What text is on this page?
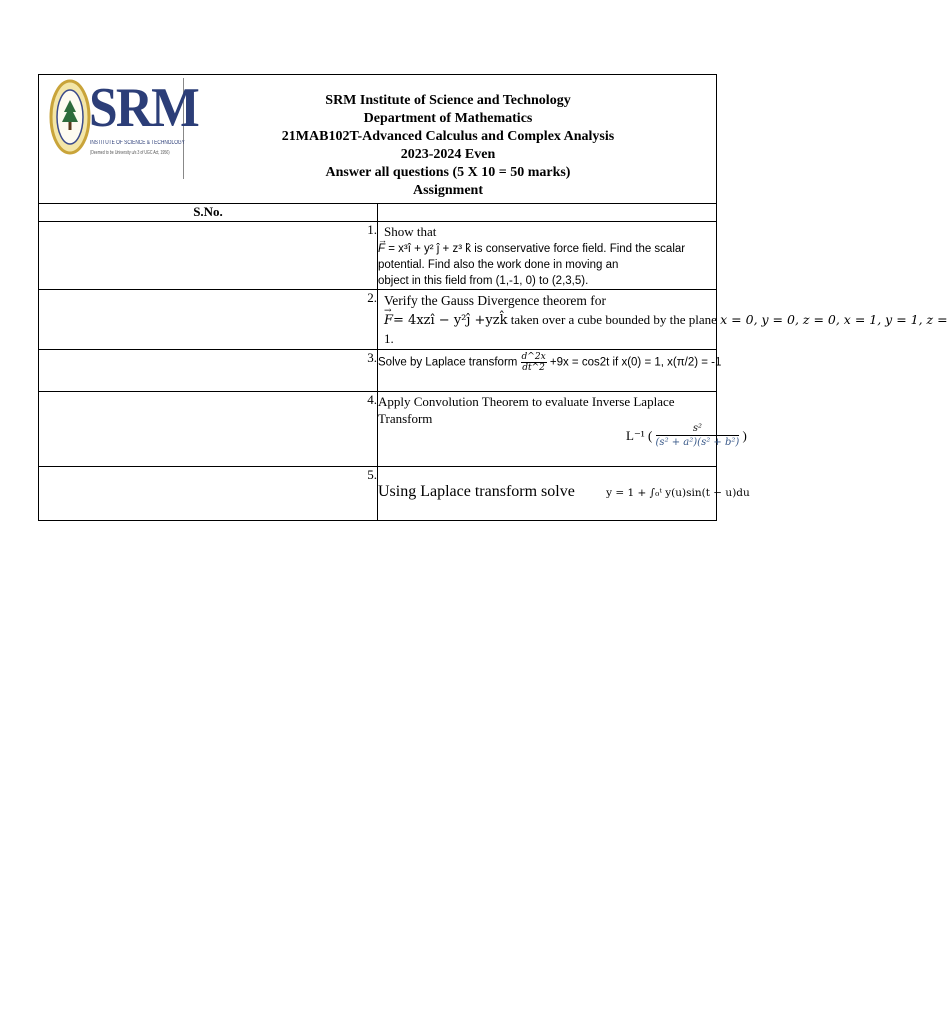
SRM
INSTITUTE OF SCIENCE & TECHNOLOGY
(Deemed to be University u/s 3 of UGC Act, 1956)
SRM Institute of Science and Technology
Department of Mathematics
21MAB102T-Advanced Calculus and Complex Analysis
2023-2024 Even
Answer all questions (5 X 10 = 50 marks)
Assignment

S.No.	
1.	Show that
→ F = x³î + y² ĵ + z³ k̂ is conservative force field. Find the scalar potential. Find also the work done in moving an
object in this field from (1,-1, 0) to (2,3,5).

2.	Verify the Gauss Divergence theorem for
→ F= 4xzî − y²ĵ +yzk̂ taken over a cube bounded by the plane x = 0, y = 0, z = 0, x = 1, y = 1, z =
1.

3.	Solve by Laplace transform $\frac{d\^{}2x}{dt\^{}2} +9x = \cos 2t$ if x(0) = 1, x(π/2) = -1

4.	Apply Convolution Theorem to evaluate Inverse Laplace Transform
L⁻¹ ( $\frac{\text{s²}}{\text{(s² + a²)(s² + b²)}}$ )

5.	Using Laplace transform solve y = 1 + ∫₀ᵗ y(u)sin(t − u)du
